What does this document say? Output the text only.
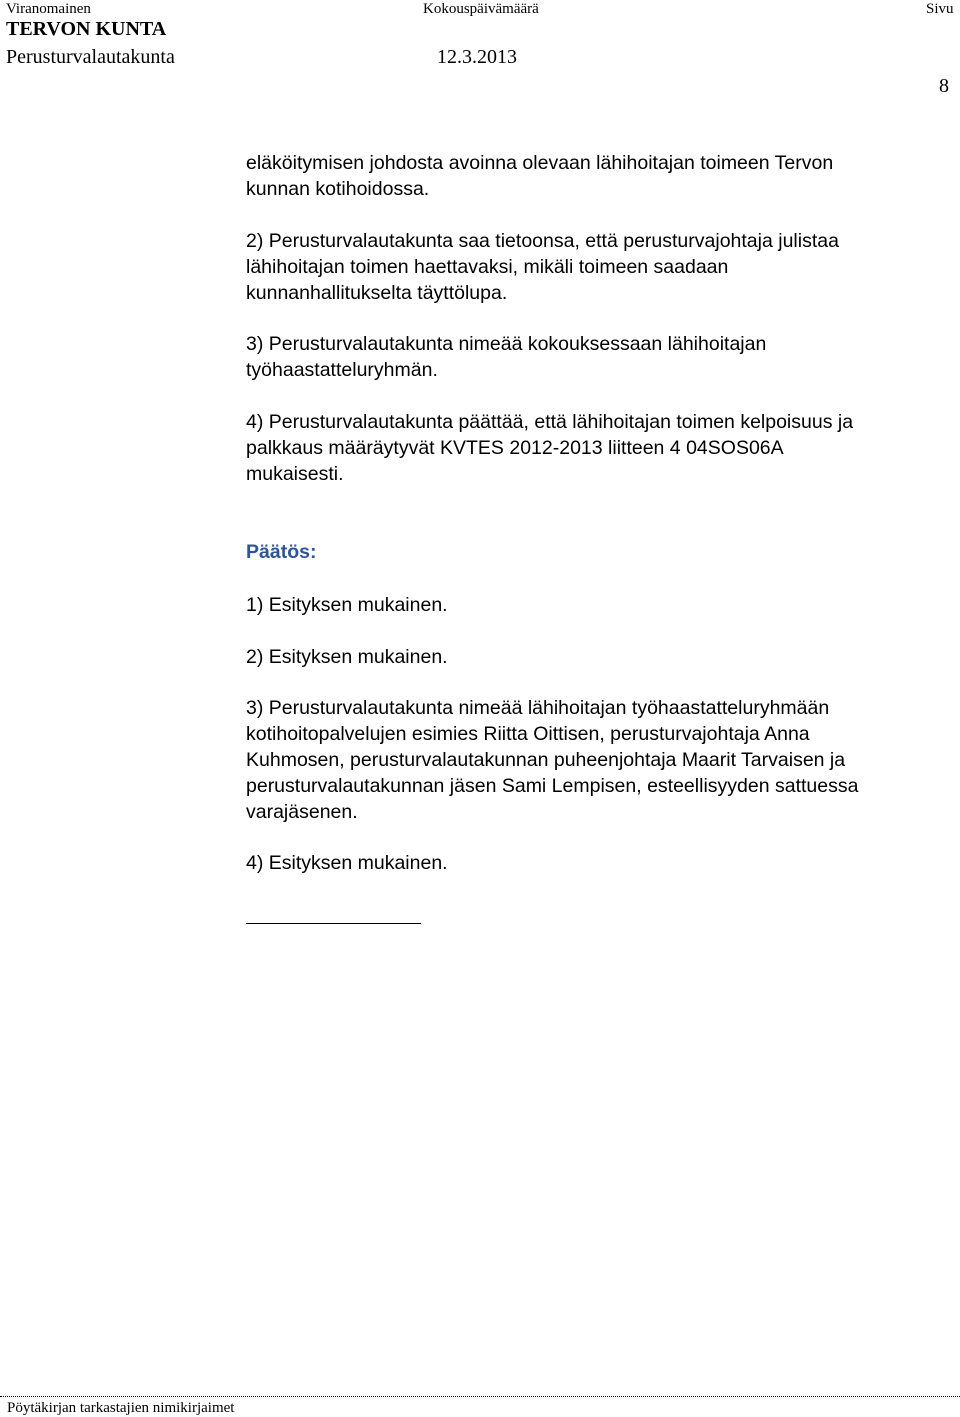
Viranomainen	Kokouspäivämäärä	Sivu
TERVON KUNTA
Perusturvalautakunta	12.3.2013
8

eläköitymisen johdosta avoinna olevaan lähihoitajan toimeen Tervon

kunnan kotihoidossa.

2) Perusturvalautakunta saa tietoonsa, että perusturvajohtaja julistaa

lähihoitajan toimen haettavaksi, mikäli toimeen saadaan

kunnanhallitukselta täyttölupa.

3) Perusturvalautakunta nimeää kokouksessaan lähihoitajan

työhaastatteluryhmän.

4) Perusturvalautakunta päättää, että lähihoitajan toimen kelpoisuus ja

palkkaus määräytyvät KVTES 2012-2013 liitteen 4 04SOS06A

mukaisesti.

Päätös:

1) Esityksen mukainen.

2) Esityksen mukainen.

3) Perusturvalautakunta nimeää lähihoitajan työhaastatteluryhmään

kotihoitopalvelujen esimies Riitta Oittisen, perusturvajohtaja Anna

Kuhmosen, perusturvalautakunnan puheenjohtaja Maarit Tarvaisen ja

perusturvalautakunnan jäsen Sami Lempisen, esteellisyyden sattuessa

varajäsenen.

4) Esityksen mukainen.

Pöytäkirjan tarkastajien nimikirjaimet
